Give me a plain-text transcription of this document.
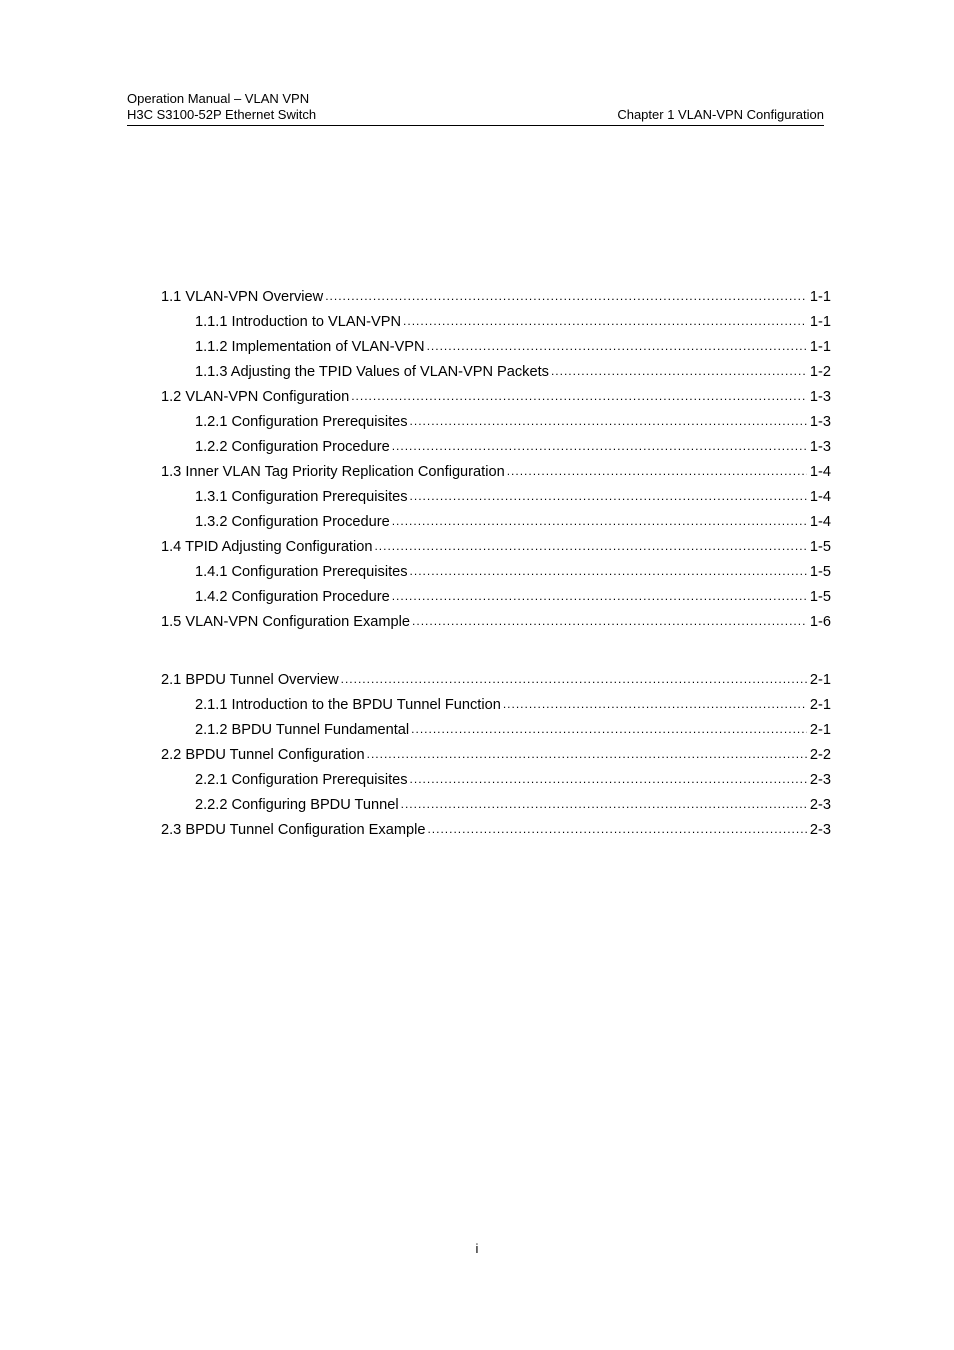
Operation Manual – VLAN VPN
H3C S3100-52P Ethernet Switch	Chapter 1 VLAN-VPN Configuration
1.1 VLAN-VPN Overview .....	1-1
1.1.1 Introduction to VLAN-VPN .....	1-1
1.1.2 Implementation of VLAN-VPN .....	1-1
1.1.3 Adjusting the TPID Values of VLAN-VPN Packets .....	1-2
1.2 VLAN-VPN Configuration .....	1-3
1.2.1 Configuration Prerequisites .....	1-3
1.2.2 Configuration Procedure .....	1-3
1.3 Inner VLAN Tag Priority Replication Configuration .....	1-4
1.3.1 Configuration Prerequisites .....	1-4
1.3.2 Configuration Procedure .....	1-4
1.4 TPID Adjusting Configuration .....	1-5
1.4.1 Configuration Prerequisites .....	1-5
1.4.2 Configuration Procedure .....	1-5
1.5 VLAN-VPN Configuration Example .....	1-6
2.1 BPDU Tunnel Overview .....	2-1
2.1.1 Introduction to the BPDU Tunnel Function .....	2-1
2.1.2 BPDU Tunnel Fundamental .....	2-1
2.2 BPDU Tunnel Configuration .....	2-2
2.2.1 Configuration Prerequisites .....	2-3
2.2.2 Configuring BPDU Tunnel .....	2-3
2.3 BPDU Tunnel Configuration Example .....	2-3
i
